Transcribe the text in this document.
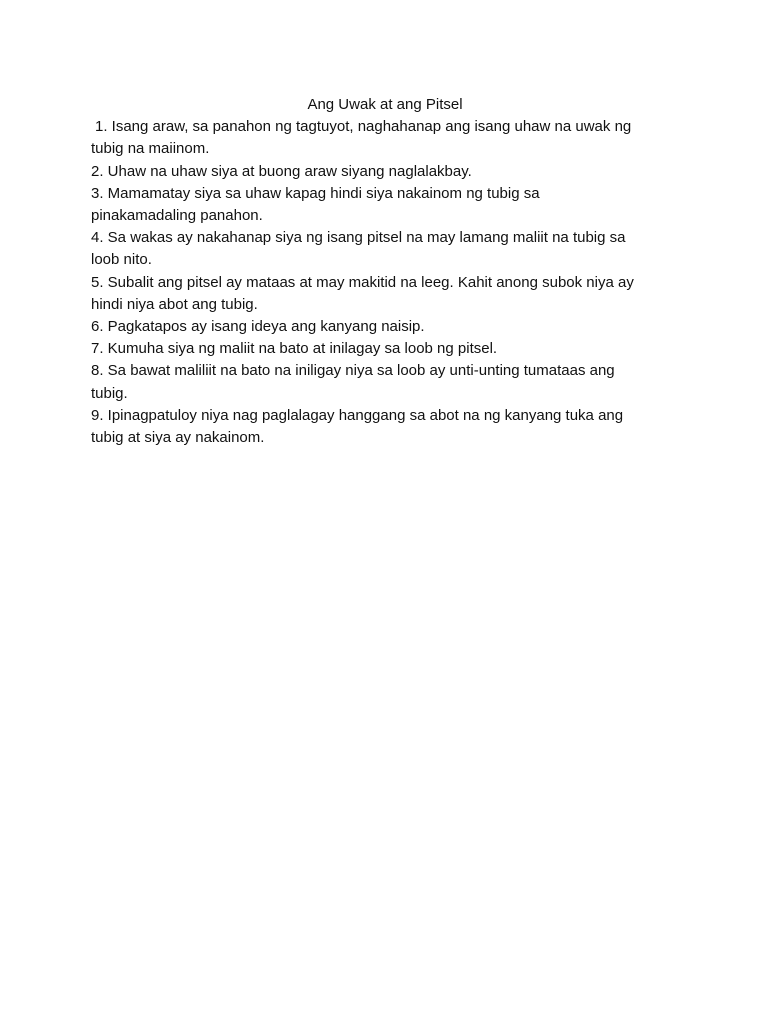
Ang Uwak at ang Pitsel
1. Isang araw, sa panahon ng tagtuyot, naghahanap ang isang uhaw na uwak ng
tubig na maiinom.
2. Uhaw na uhaw siya at buong araw siyang naglalakbay.
3. Mamamatay siya sa uhaw kapag hindi siya nakainom ng tubig sa
pinakamadaling panahon.
4. Sa wakas ay nakahanap siya ng isang pitsel na may lamang maliit na tubig sa
loob nito.
5. Subalit ang pitsel ay mataas at may makitid na leeg. Kahit anong subok niya ay
hindi niya abot ang tubig.
6. Pagkatapos ay isang ideya ang kanyang naisip.
7. Kumuha siya ng maliit na bato at inilagay sa loob ng pitsel.
8. Sa bawat maliliit na bato na iniligay niya sa loob ay unti-unting tumataas ang
tubig.
9. Ipinagpatuloy niya nag paglalagay hanggang sa abot na ng kanyang tuka ang
tubig at siya ay nakainom.
